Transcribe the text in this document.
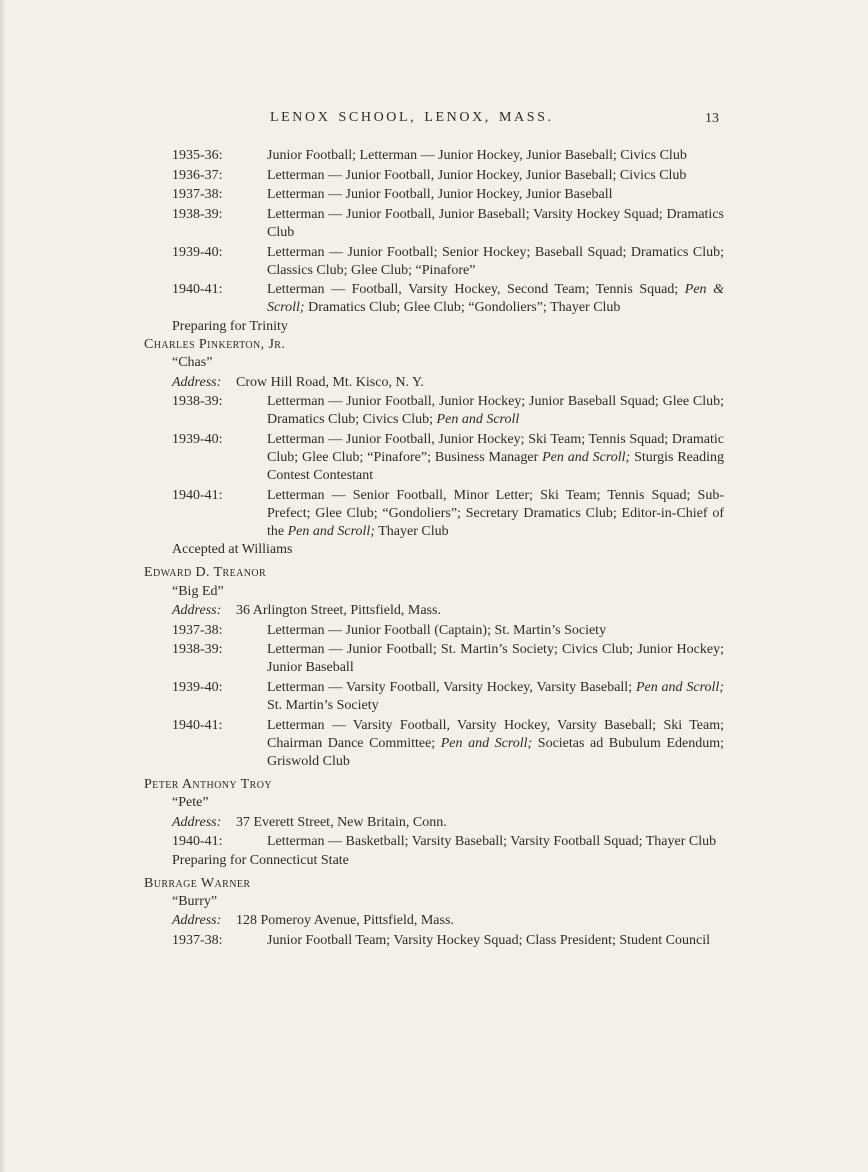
LENOX SCHOOL, LENOX, MASS.	13
1935-36:	Junior Football; Letterman — Junior Hockey, Junior Baseball; Civics Club
1936-37:	Letterman — Junior Football, Junior Hockey, Junior Baseball; Civics Club
1937-38:	Letterman — Junior Football, Junior Hockey, Junior Baseball
1938-39:	Letterman — Junior Football, Junior Baseball; Varsity Hockey Squad; Dramatics Club
1939-40:	Letterman — Junior Football; Senior Hockey; Baseball Squad; Dramatics Club; Classics Club; Glee Club; “Pinafore”
1940-41:	Letterman — Football, Varsity Hockey, Second Team; Tennis Squad; Pen & Scroll; Dramatics Club; Glee Club; “Gondoliers”; Thayer Club
Preparing for Trinity
Charles Pinkerton, Jr.
“Chas”
Address:	Crow Hill Road, Mt. Kisco, N. Y.
1938-39:	Letterman — Junior Football, Junior Hockey; Junior Baseball Squad; Glee Club; Dramatics Club; Civics Club; Pen and Scroll
1939-40:	Letterman — Junior Football, Junior Hockey; Ski Team; Tennis Squad; Dramatic Club; Glee Club; “Pinafore”; Business Manager Pen and Scroll; Sturgis Reading Contest Contestant
1940-41:	Letterman — Senior Football, Minor Letter; Ski Team; Tennis Squad; Sub-Prefect; Glee Club; “Gondoliers”; Secretary Dramatics Club; Editor-in-Chief of the Pen and Scroll; Thayer Club
Accepted at Williams
Edward D. Treanor
“Big Ed”
Address:	36 Arlington Street, Pittsfield, Mass.
1937-38:	Letterman — Junior Football (Captain); St. Martin’s Society
1938-39:	Letterman — Junior Football; St. Martin’s Society; Civics Club; Junior Hockey; Junior Baseball
1939-40:	Letterman — Varsity Football, Varsity Hockey, Varsity Baseball; Pen and Scroll; St. Martin’s Society
1940-41:	Letterman — Varsity Football, Varsity Hockey, Varsity Baseball; Ski Team; Chairman Dance Committee; Pen and Scroll; Societas ad Bubulum Edendum; Griswold Club
Peter Anthony Troy
“Pete”
Address:	37 Everett Street, New Britain, Conn.
1940-41:	Letterman — Basketball; Varsity Baseball; Varsity Football Squad; Thayer Club
Preparing for Connecticut State
Burrage Warner
“Burry”
Address:	128 Pomeroy Avenue, Pittsfield, Mass.
1937-38:	Junior Football Team; Varsity Hockey Squad; Class President; Student Council
